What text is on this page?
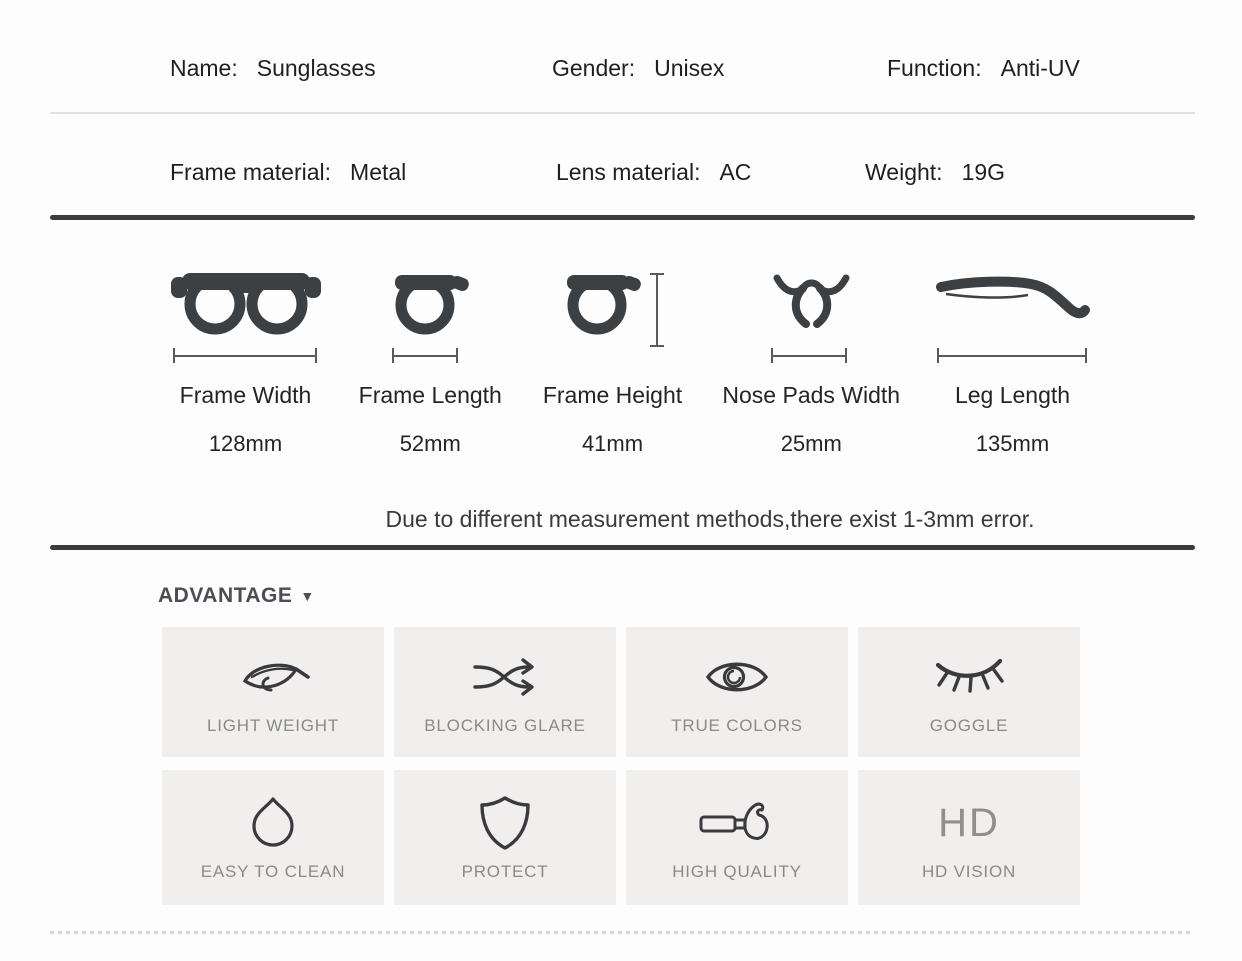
Name: Sunglasses	Gender: Unisex	Function: Anti-UV
Frame material: Metal	Lens material: AC	Weight: 19G
Frame Width
128mm
Frame Length
52mm
Frame Height
41mm
Nose Pads Width
25mm
Leg Length
135mm
Due to different measurement methods,there exist 1-3mm error.
ADVANTAGE ▼
LIGHT WEIGHT	BLOCKING GLARE	TRUE COLORS	GOGGLE
EASY TO CLEAN	PROTECT	HIGH QUALITY
HD
HD VISION
